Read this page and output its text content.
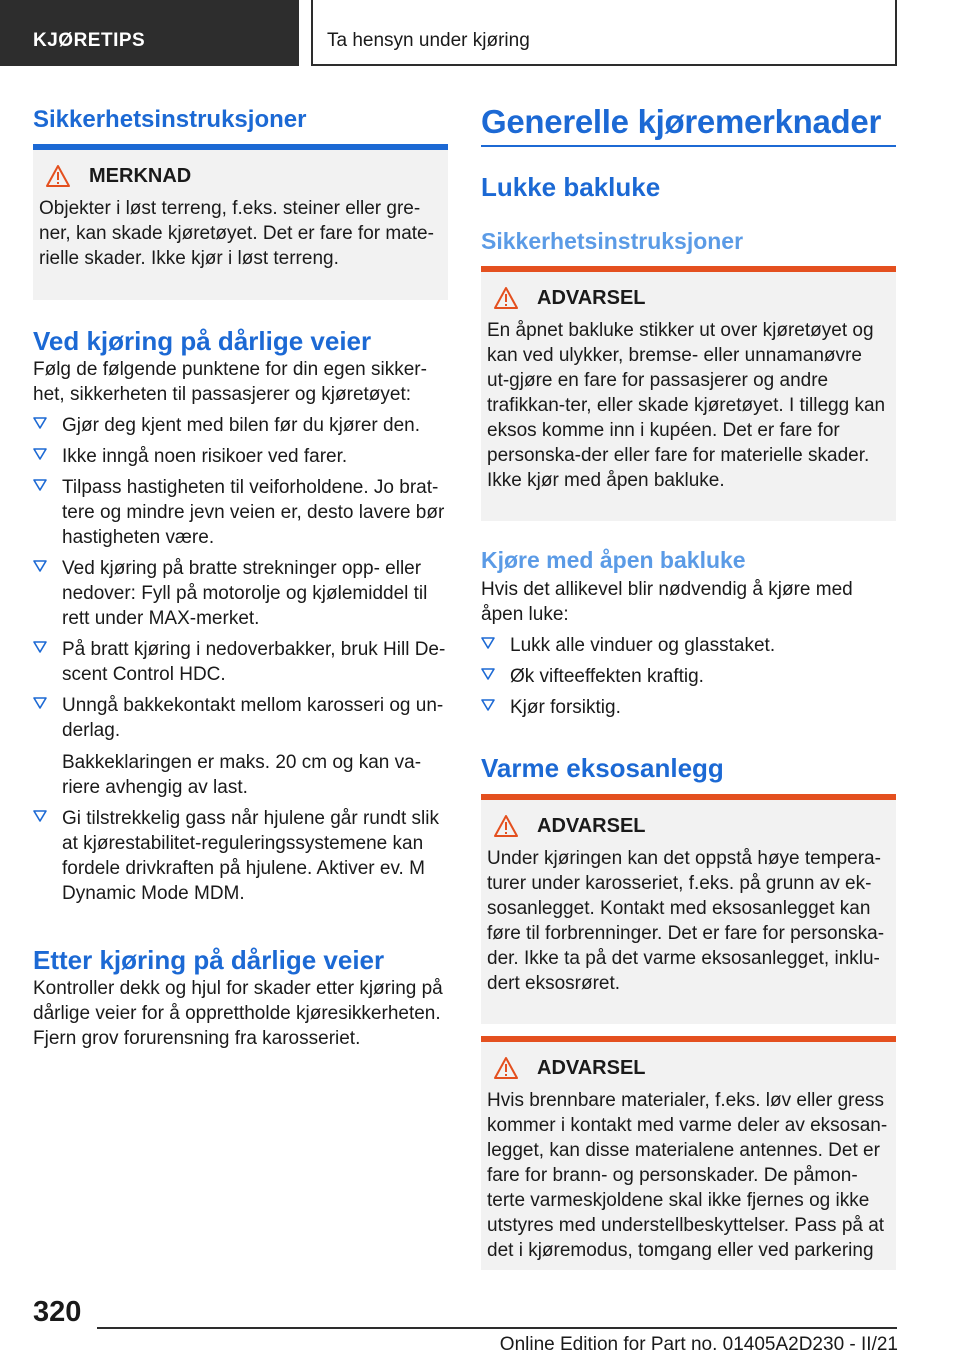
KJØRETIPS	Ta hensyn under kjøring
Sikkerhetsinstruksjoner
MERKNAD
Objekter i løst terreng, f.eks. steiner eller gre-ner, kan skade kjøretøyet. Det er fare for mate-rielle skader. Ikke kjør i løst terreng.
Ved kjøring på dårlige veier

Følg de følgende punktene for din egen sikker-het, sikkerheten til passasjerer og kjøretøyet:

Gjør deg kjent med bilen før du kjører den.
Ikke inngå noen risikoer ved farer.
Tilpass hastigheten til veiforholdene. Jo brat-tere og mindre jevn veien er, desto lavere bør hastigheten være.
Ved kjøring på bratte strekninger opp- eller nedover: Fyll på motorolje og kjølemiddel til rett under MAX-merket.
På bratt kjøring i nedoverbakker, bruk Hill De-scent Control HDC.
Unngå bakkekontakt mellom karosseri og un-derlag.
Bakkeklaringen er maks. 20 cm og kan va-riere avhengig av last.
Gi tilstrekkelig gass når hjulene går rundt slik at kjørestabilitet-reguleringssystemene kan fordele drivkraften på hjulene. Aktiver ev. M Dynamic Mode MDM.
Etter kjøring på dårlige veier

Kontroller dekk og hjul for skader etter kjøring på dårlige veier for å opprettholde kjøresikkerheten. Fjern grov forurensning fra karosseriet.

Generelle kjøremerknader
Lukke bakluke
Sikkerhetsinstruksjoner
ADVARSEL
En åpnet bakluke stikker ut over kjøretøyet og kan ved ulykker, bremse- eller unnamanøvre ut-gjøre en fare for passasjerer og andre trafikkan-ter, eller skade kjøretøyet. I tillegg kan eksos komme inn i kupéen. Det er fare for personska-der eller fare for materielle skader. Ikke kjør med åpen bakluke.
Kjøre med åpen bakluke

Hvis det allikevel blir nødvendig å kjøre med åpen luke:

Lukk alle vinduer og glasstaket.
Øk vifteeffekten kraftig.
Kjør forsiktig.
Varme eksosanlegg
ADVARSEL
Under kjøringen kan det oppstå høye tempera-turer under karosseriet, f.eks. på grunn av ek-sosanlegget. Kontakt med eksosanlegget kan føre til forbrenninger. Det er fare for personska-der. Ikke ta på det varme eksosanlegget, inklu-dert eksosrøret.
ADVARSEL
Hvis brennbare materialer, f.eks. løv eller gress kommer i kontakt med varme deler av eksosan-legget, kan disse materialene antennes. Det er fare for brann- og personskader. De påmon-terte varmeskjoldene skal ikke fjernes og ikke utstyres med understellbeskyttelser. Pass på at det i kjøremodus, tomgang eller ved parkering
320
Online Edition for Part no. 01405A2D230 - II/21
